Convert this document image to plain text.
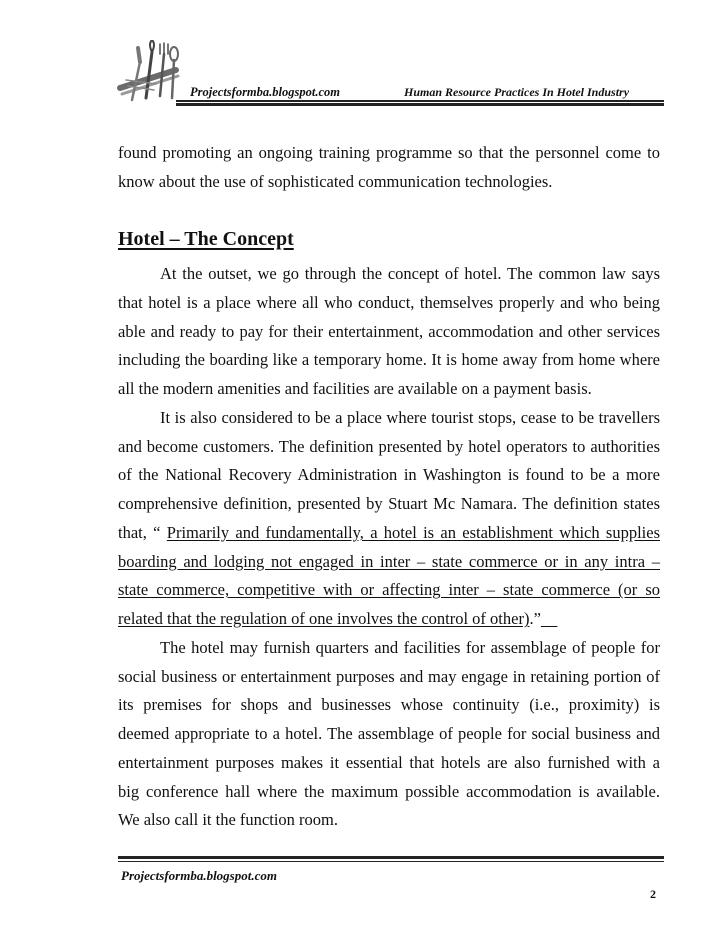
Projectsformba.blogspot.com	Human Resource Practices In Hotel Industry
found promoting an ongoing training programme so that the personnel come to
know about the use of sophisticated communication technologies.
Hotel – The Concept
At the outset, we go through the concept of hotel. The common law says
that hotel is a place where all who conduct, themselves properly and who being
able and ready to pay for their entertainment, accommodation and other services
including the boarding like a temporary home. It is home away from home where
all the modern amenities and facilities are available on a payment basis.
It is also considered to be a place where tourist stops, cease to be travellers
and become customers. The definition presented by hotel operators to authorities
of the National Recovery Administration in Washington is found to be a more
comprehensive definition, presented by Stuart Mc Namara. The definition states
that, “ Primarily and fundamentally, a hotel is an establishment which supplies
boarding and lodging not engaged in inter – state commerce or in any intra –
state commerce, competitive with or affecting inter – state commerce (or so
related that the regulation of one involves the control of other).”
The hotel may furnish quarters and facilities for assemblage of people for
social business or entertainment purposes and may engage in retaining portion of
its premises for shops and businesses whose continuity (i.e., proximity) is
deemed appropriate to a hotel. The assemblage of people for social business and
entertainment purposes makes it essential that hotels are also furnished with a
big conference hall where the maximum possible accommodation is available.
We also call it the function room.
Projectsformba.blogspot.com
2
